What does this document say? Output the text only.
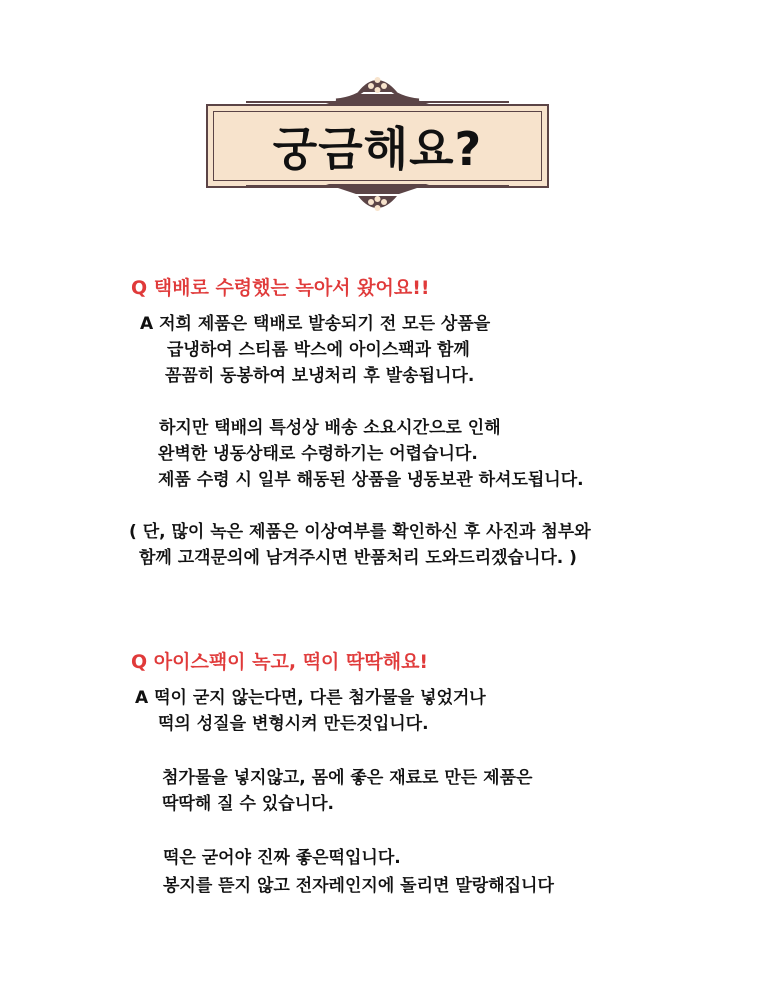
궁금해요?
Q 택배로 수령했는 녹아서 왔어요!!
A 저희 제품은 택배로 발송되기 전 모든 상품을
급냉하여 스티롬 박스에 아이스팩과 함께
꼼꼼히 동봉하여 보냉처리 후 발송됩니다.
하지만 택배의 특성상 배송 소요시간으로 인해
완벽한 냉동상태로 수령하기는 어렵습니다.
제품 수령 시 일부 해동된 상품을 냉동보관 하셔도됩니다.
( 단, 많이 녹은 제품은 이상여부를 확인하신 후 사진과 첨부와
함께 고객문의에 남겨주시면 반품처리 도와드리겠습니다. )
Q 아이스팩이 녹고, 떡이 딱딱해요!
A 떡이 굳지 않는다면, 다른 첨가물을 넣었거나
떡의 성질을 변형시켜 만든것입니다.
첨가물을 넣지않고, 몸에 좋은 재료로 만든 제품은
딱딱해 질 수 있습니다.
떡은 굳어야 진짜 좋은떡입니다.
봉지를 뜯지 않고 전자레인지에 돌리면 말랑해집니다
